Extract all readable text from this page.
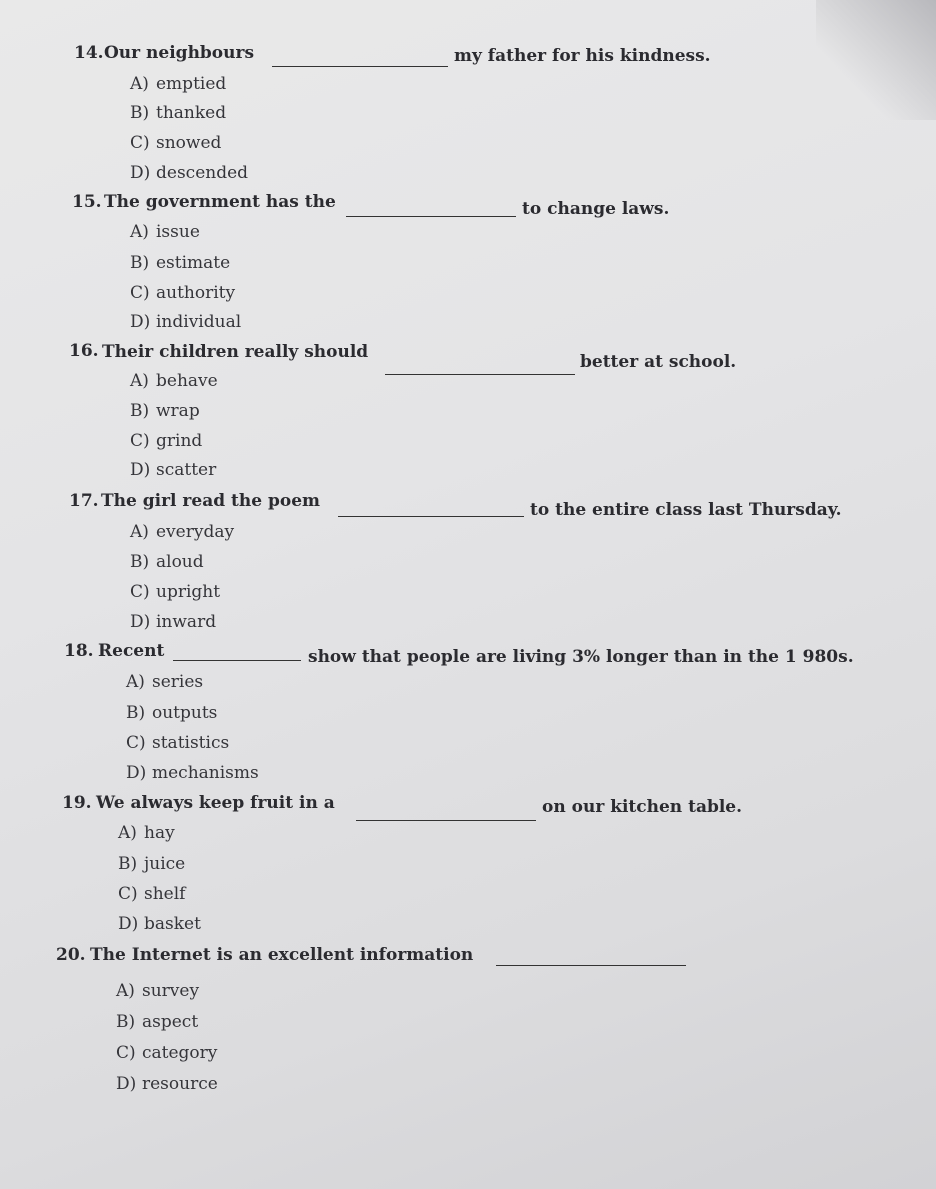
14. Our neighbours	my father for his kindness.
A) emptied
B) thanked
C) snowed
D) descended
15. The government has the	to change laws.
A) issue
B) estimate
C) authority
D) individual
16. Their children really should	better at school.
A) behave
B) wrap
C) grind
D) scatter
17. The girl read the poem	to the entire class last Thursday.
A) everyday
B) aloud
C) upright
D) inward
18. Recent	show that people are living 3% longer than in the 1 980s.
A) series
B) outputs
C) statistics
D) mechanisms
19. We always keep fruit in a	on our kitchen table.
A) hay
B) juice
C) shelf
D) basket
20. The Internet is an excellent information
A) survey
B) aspect
C) category
D) resource
